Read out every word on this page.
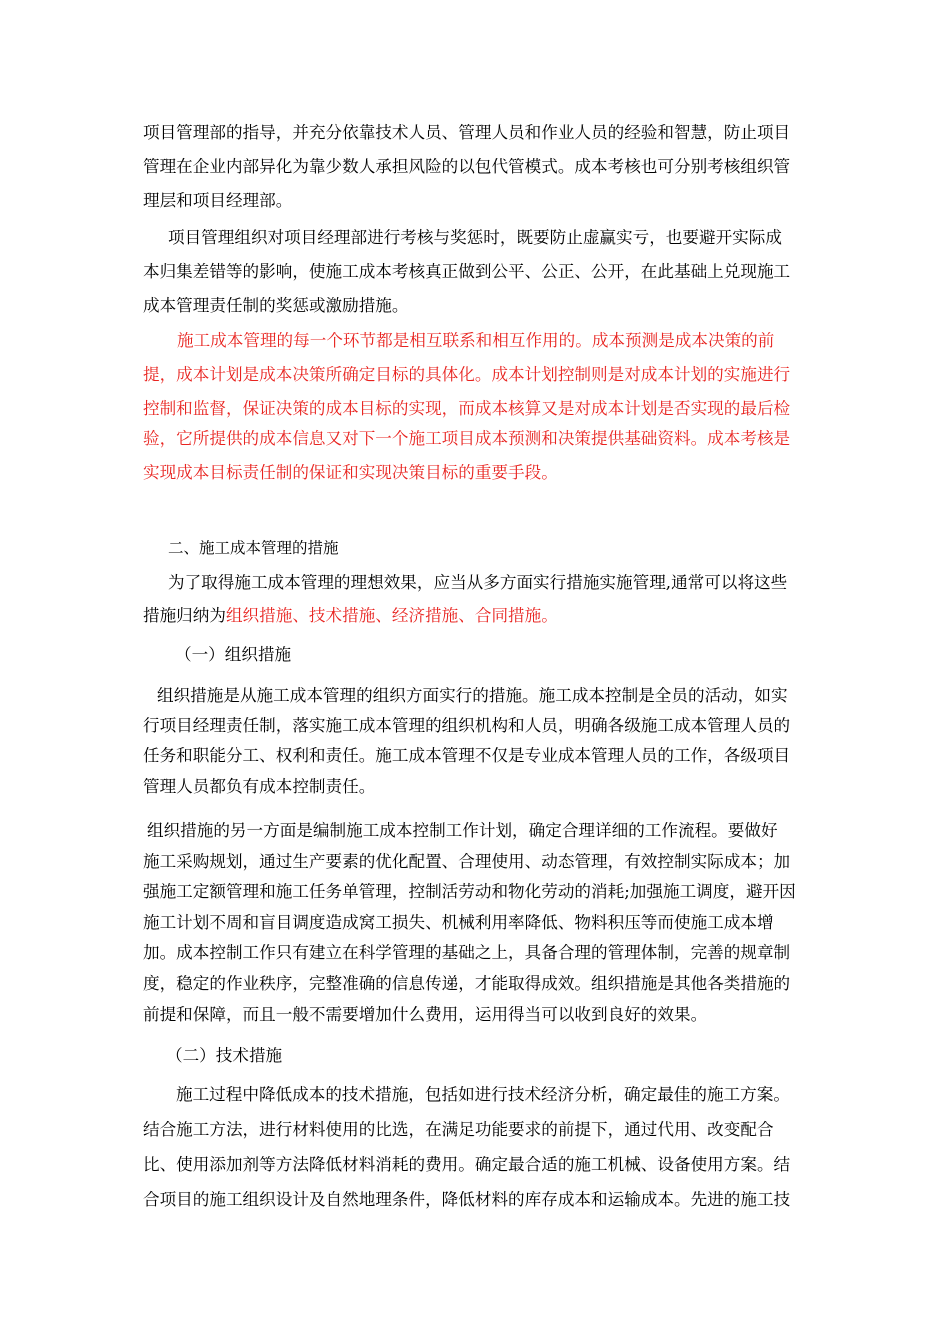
项目管理部的指导，并充分依靠技术人员、管理人员和作业人员的经验和智慧，防止项目
管理在企业内部异化为靠少数人承担风险的以包代管模式。成本考核也可分别考核组织管
理层和项目经理部。
项目管理组织对项目经理部进行考核与奖惩时，既要防止虚赢实亏，也要避开实际成
本归集差错等的影响，使施工成本考核真正做到公平、公正、公开，在此基础上兑现施工
成本管理责任制的奖惩或激励措施。
施工成本管理的每一个环节都是相互联系和相互作用的。成本预测是成本决策的前
提，成本计划是成本决策所确定目标的具体化。成本计划控制则是对成本计划的实施进行
控制和监督，保证决策的成本目标的实现，而成本核算又是对成本计划是否实现的最后检
验，它所提供的成本信息又对下一个施工项目成本预测和决策提供基础资料。成本考核是
实现成本目标责任制的保证和实现决策目标的重要手段。
二、施工成本管理的措施
为了取得施工成本管理的理想效果，应当从多方面实行措施实施管理,通常可以将这些
措施归纳为组织措施、技术措施、经济措施、合同措施。
（一）组织措施
组织措施是从施工成本管理的组织方面实行的措施。施工成本控制是全员的活动，如实
行项目经理责任制，落实施工成本管理的组织机构和人员，明确各级施工成本管理人员的
任务和职能分工、权利和责任。施工成本管理不仅是专业成本管理人员的工作，各级项目
管理人员都负有成本控制责任。
组织措施的另一方面是编制施工成本控制工作计划，确定合理详细的工作流程。要做好
施工采购规划，通过生产要素的优化配置、合理使用、动态管理，有效控制实际成本；加
强施工定额管理和施工任务单管理，控制活劳动和物化劳动的消耗;加强施工调度，避开因
施工计划不周和盲目调度造成窝工损失、机械利用率降低、物料积压等而使施工成本增
加。成本控制工作只有建立在科学管理的基础之上，具备合理的管理体制，完善的规章制
度，稳定的作业秩序，完整准确的信息传递，才能取得成效。组织措施是其他各类措施的
前提和保障，而且一般不需要增加什么费用，运用得当可以收到良好的效果。
（二）技术措施
施工过程中降低成本的技术措施，包括如进行技术经济分析，确定最佳的施工方案。
结合施工方法，进行材料使用的比选，在满足功能要求的前提下，通过代用、改变配合
比、使用添加剂等方法降低材料消耗的费用。确定最合适的施工机械、设备使用方案。结
合项目的施工组织设计及自然地理条件，降低材料的库存成本和运输成本。先进的施工技
